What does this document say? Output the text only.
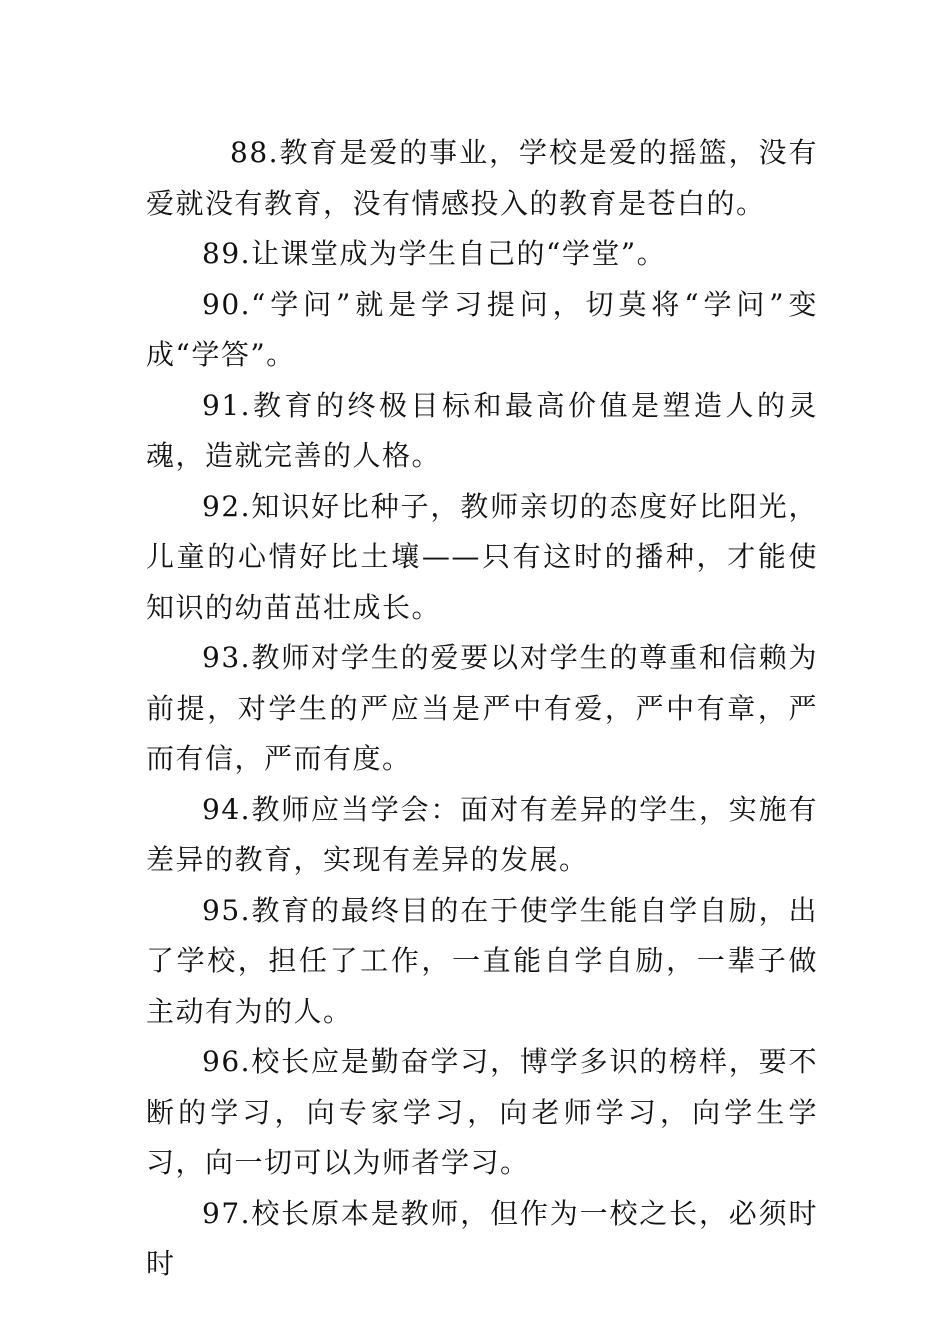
88.教育是爱的事业，学校是爱的摇篮，没有爱就没有教育，没有情感投入的教育是苍白的。

89.让课堂成为学生自己的“学堂”。

90.“学问”就是学习提问，切莫将“学问”变成“学答”。

91.教育的终极目标和最高价值是塑造人的灵魂，造就完善的人格。

92.知识好比种子，教师亲切的态度好比阳光，儿童的心情好比土壤——只有这时的播种，才能使知识的幼苗茁壮成长。

93.教师对学生的爱要以对学生的尊重和信赖为前提，对学生的严应当是严中有爱，严中有章，严而有信，严而有度。

94.教师应当学会：面对有差异的学生，实施有差异的教育，实现有差异的发展。

95.教育的最终目的在于使学生能自学自励，出了学校，担任了工作，一直能自学自励，一辈子做主动有为的人。

96.校长应是勤奋学习，博学多识的榜样，要不断的学习，向专家学习，向老师学习，向学生学习，向一切可以为师者学习。

97.校长原本是教师，但作为一校之长，必须时时
